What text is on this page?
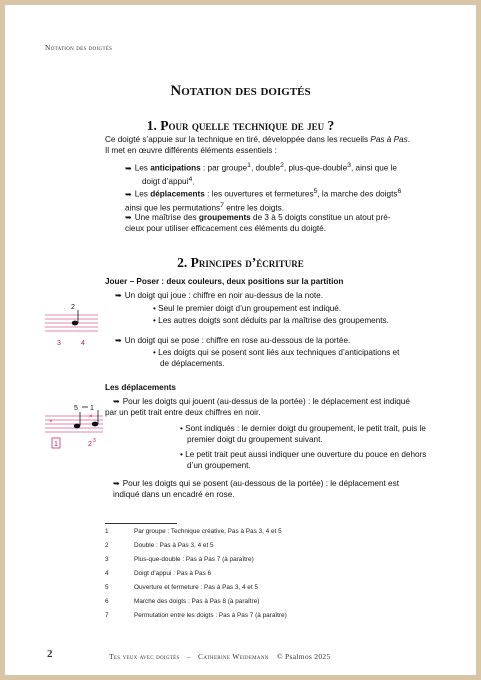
Notation des doigtés
Notation des doigtés
1. Pour quelle technique de jeu ?
Ce doigté s’appuie sur la technique en tiré, développée dans les recueils Pas à Pas.
Il met en œuvre différents éléments essentiels :
➥ Les anticipations : par groupe$^1$, double$^2$, plus-que-double$^3$, ainsi que le
doigt d’appui$^4$.
➥ Les déplacements : les ouvertures et fermetures$^5$, la marche des doigts$^6$
ainsi que les permutations$^7$ entre les doigts.
➥ Une maîtrise des groupements de 3 à 5 doigts constitue un atout pré-
cieux pour utiliser efficacement ces éléments du doigté.
2. Principes d’écriture
Jouer – Poser : deux couleurs, deux positions sur la partition
➥ Un doigt qui joue : chiffre en noir au-dessus de la note.
• Seul le premier doigt d’un groupement est indiqué.
• Les autres doigts sont déduits par la maîtrise des groupements.
➥ Un doigt qui se pose : chiffre en rose au-dessous de la portée.
• Les doigts qui se posent sont liés aux techniques d’anticipations et
de déplacements.
2
3	4
Les déplacements
➥ Pour les doigts qui jouent (au-dessus de la portée) : le déplacement est indiqué
par un petit trait entre deux chiffres en noir.
• Sont indiqués : le dernier doigt du groupement, le petit trait, puis le
premier doigt du groupement suivant.
• Le petit trait peut aussi indiquer une ouverture du pouce en dehors
d’un groupement.
➥ Pour les doigts qui se posent (au-dessous de la portée) : le déplacement est
indiqué dans un encadré en rose.
×
×
5 1
1	2 3
1	Par groupe : Technique créative, Pas à Pas 3, 4 et 5
2	Double : Pas à Pas 3, 4 et 5
3	Plus-que-double : Pas à Pas 7 (à paraître)
4	Doigt d’appui : Pas à Pas 6
5	Ouverture et fermeture : Pas à Pas 3, 4 et 5
6	Marche des doigts : Pas à Pas 8 (à paraître)
7	Permutation entre les doigts : Pas à Pas 7 (à paraître)
2	Tes yeux avec doigtés – Catherine Weidemann © Psalmos 2025
